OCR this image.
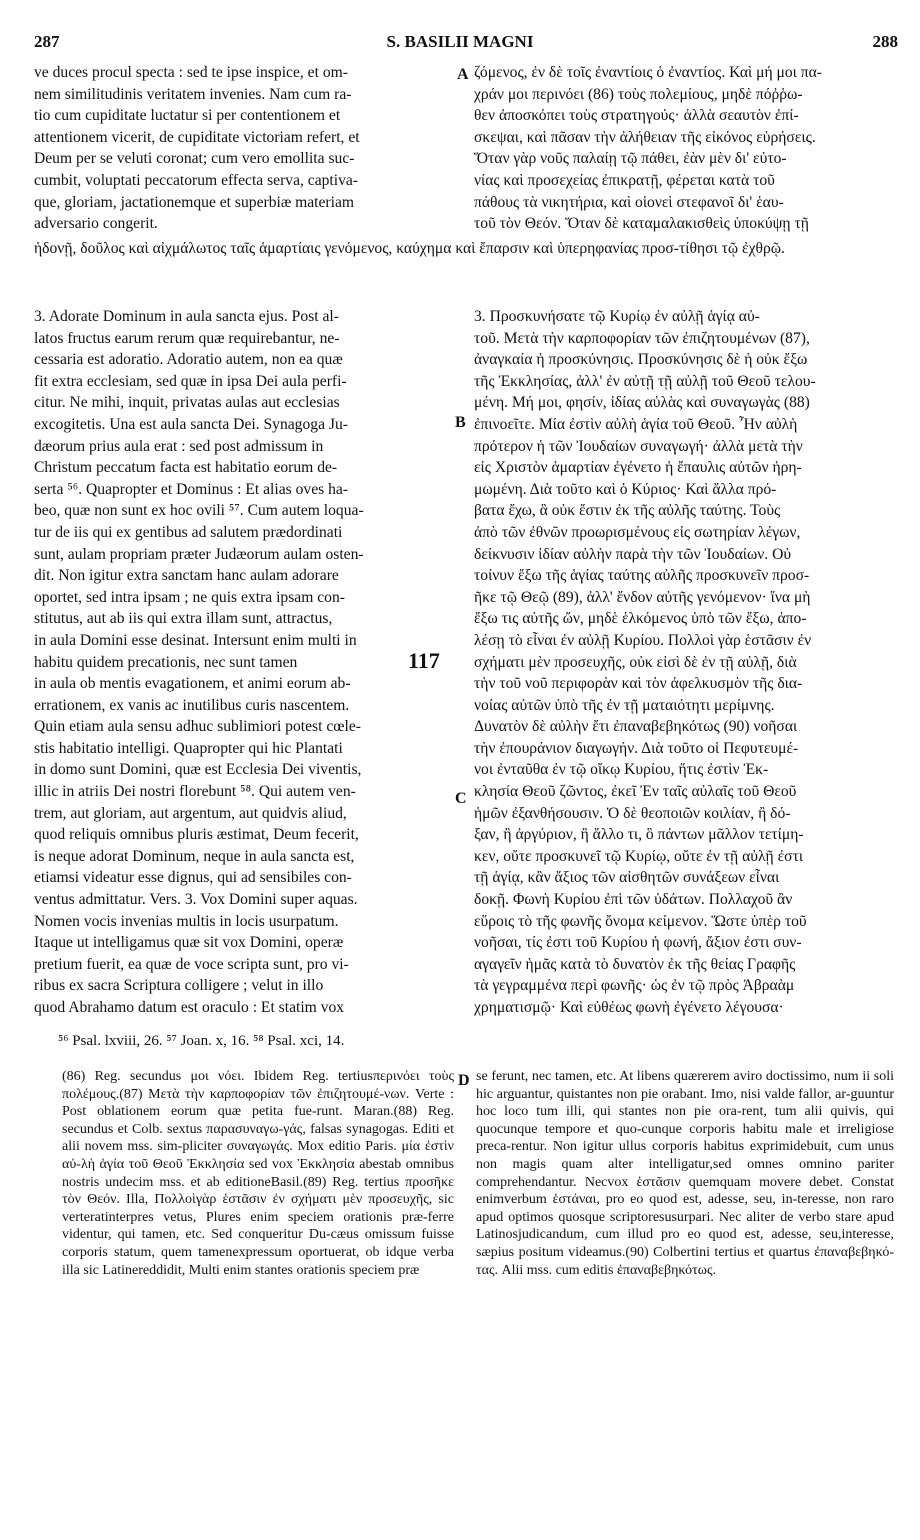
287	S. BASILII MAGNI	288
ve duces procul specta : sed te ipse inspice, et om-
nem similitudinis veritatem invenies. Nam cum ra-
tio cum cupiditate luctatur si per contentionem et
attentionem vicerit, de cupiditate victoriam refert, et
Deum per se veluti coronat; cum vero emollita suc-
cumbit, voluptati peccatorum effecta serva, captiva-
que, gloriam, jactationemque et superbiæ materiam
adversario congerit.
A ζόμενος, ἐν δὲ τοῖς ἐναντίοις ὁ ἐναντίος. Καὶ μή μοι πα-
χράν μοι περινόει (86) τοὺς πολεμίους, μηδὲ πόῤῥω-
θεν ἀποσκόπει τοὺς στρατηγούς· ἀλλὰ σεαυτὸν ἐπί-
σκεψαι, καὶ πᾶσαν τὴν ἀλήθειαν τῆς εἰκόνος εὑρήσεις.
Ὅταν γὰρ νοῦς παλαίῃ τῷ πάθει, ἐὰν μὲν δι' εὐτο-
νίας καὶ προσεχείας ἐπικρατῇ, φέρεται κατὰ τοῦ
πάθους τὰ νικητήρια, καὶ οἱονεὶ στεφανοῖ δι' ἑαυ-
τοῦ τὸν Θεόν. Ὅταν δὲ καταμαλακισθεὶς ὑποκύψῃ τῇ
ἡδονῇ, δοῦλος καὶ αἰχμάλωτος ταῖς ἁμαρτίαις γενόμενος, καύχημα καὶ ἔπαρσιν καὶ ὑπερηφανίας προσ-τίθησι τῷ ἐχθρῷ.
3. Adorate Dominum in aula sancta ejus. Post al-
latos fructus earum rerum quæ requirebantur, ne-
cessaria est adoratio. Adoratio autem, non ea quæ
fit extra ecclesiam, sed quæ in ipsa Dei aula perfi-
citur. Ne mihi, inquit, privatas aulas aut ecclesias
excogitetis. Una est aula sancta Dei. Synagoga Ju-
dæorum prius aula erat : sed post admissum in
Christum peccatum facta est habitatio eorum de-
serta ⁵⁶. Quapropter et Dominus : Et alias oves ha-
beo, quæ non sunt ex hoc ovili ⁵⁷. Cum autem loqua-
tur de iis qui ex gentibus ad salutem prædordinati
sunt, aulam propriam præter Judæorum aulam osten-
dit. Non igitur extra sanctam hanc aulam adorare
oportet, sed intra ipsam ; ne quis extra ipsam con-
stitutus, aut ab iis qui extra illam sunt, attractus,
in aula Domini esse desinat. Intersunt enim multi in
habitu quidem precationis, nec sunt tamen
in aula ob mentis evagationem, et animi eorum ab-
errationem, ex vanis ac inutilibus curis nascentem.
Quin etiam aula sensu adhuc sublimiori potest cœle-
stis habitatio intelligi. Quapropter qui hic Plantati
in domo sunt Domini, quæ est Ecclesia Dei viventis,
illic in atriis Dei nostri florebunt ⁵⁸. Qui autem ven-
trem, aut gloriam, aut argentum, aut quidvis aliud,
quod reliquis omnibus pluris æstimat, Deum fecerit,
is neque adorat Dominum, neque in aula sancta est,
etiamsi videatur esse dignus, qui ad sensibiles con-
ventus admittatur. Vers. 3. Vox Domini super aquas.
Nomen vocis invenias multis in locis usurpatum.
Itaque ut intelligamus quæ sit vox Domini, operæ
pretium fuerit, ea quæ de voce scripta sunt, pro vi-
ribus ex sacra Scriptura colligere ; velut in illo
quod Abrahamo datum est oraculo : Et statim vox
B
C
117
3. Προσκυνήσατε τῷ Κυρίῳ ἐν αὐλῇ ἁγίᾳ αὐ-
τοῦ. Μετὰ τὴν καρποφορίαν τῶν ἐπιζητουμένων (87),
ἀναγκαία ἡ προσκύνησις. Προσκύνησις δὲ ἡ οὐκ ἔξω
τῆς Ἐκκλησίας, ἀλλ' ἐν αὐτῇ τῇ αὐλῇ τοῦ Θεοῦ τελου-
μένη. Μή μοι, φησίν, ἰδίας αὐλὰς καὶ συναγωγὰς (88)
ἐπινοεῖτε. Μία ἐστὶν αὐλὴ ἁγία τοῦ Θεοῦ. Ἦν αὐλὴ
πρότερον ἡ τῶν Ἰουδαίων συναγωγή· ἀλλὰ μετὰ τὴν
εἰς Χριστὸν ἁμαρτίαν ἐγένετο ἡ ἔπαυλις αὐτῶν ἠρη-
μωμένη. Διὰ τοῦτο καὶ ὁ Κύριος· Καὶ ἄλλα πρό-
βατα ἔχω, ἃ οὐκ ἔστιν ἐκ τῆς αὐλῆς ταύτης. Τοὺς
ἀπὸ τῶν ἐθνῶν προωρισμένους εἰς σωτηρίαν λέγων,
δείκνυσιν ἰδίαν αὐλὴν παρὰ τὴν τῶν Ἰουδαίων. Οὐ
τοίνυν ἔξω τῆς ἁγίας ταύτης αὐλῆς προσκυνεῖν προσ-
ῆκε τῷ Θεῷ (89), ἀλλ' ἔνδον αὐτῆς γενόμενον· ἵνα μὴ
ἔξω τις αὐτῆς ὤν, μηδὲ ἑλκόμενος ὑπὸ τῶν ἔξω, ἀπο-
λέσῃ τὸ εἶναι ἐν αὐλῇ Κυρίου. Πολλοὶ γὰρ ἑστᾶσιν ἐν
σχήματι μὲν προσευχῆς, οὐκ εἰσὶ δὲ ἐν τῇ αὐλῇ, διὰ
τὴν τοῦ νοῦ περιφορὰν καὶ τὸν ἀφελκυσμὸν τῆς δια-
νοίας αὐτῶν ὑπὸ τῆς ἐν τῇ ματαιότητι μερίμνης.
Δυνατὸν δὲ αὐλὴν ἔτι ἐπαναβεβηκότως (90) νοῆσαι
τὴν ἐπουράνιον διαγωγήν. Διὰ τοῦτο οἱ Πεφυτευμέ-
νοι ἐνταῦθα ἐν τῷ οἴκῳ Κυρίου, ἥτις ἐστὶν Ἐκ-
κλησία Θεοῦ ζῶντος, ἐκεῖ Ἐν ταῖς αὐλαῖς τοῦ Θεοῦ
ἡμῶν ἐξανθήσουσιν. Ὁ δὲ θεοποιῶν κοιλίαν, ἢ δό-
ξαν, ἢ ἀργύριον, ἢ ἄλλο τι, ὃ πάντων μᾶλλον τετίμη-
κεν, οὔτε προσκυνεῖ τῷ Κυρίῳ, οὔτε ἐν τῇ αὐλῇ ἐστι
τῇ ἁγίᾳ, κἂν ἄξιος τῶν αἰσθητῶν συνάξεων εἶναι
δοκῇ. Φωνὴ Κυρίου ἐπὶ τῶν ὑδάτων. Πολλαχοῦ ἂν
εὕροις τὸ τῆς φωνῆς ὄνομα κείμενον. Ὥστε ὑπὲρ τοῦ
νοῆσαι, τίς ἐστι τοῦ Κυρίου ἡ φωνή, ἄξιον ἐστι συν-
αγαγεῖν ἡμᾶς κατὰ τὸ δυνατὸν ἐκ τῆς θείας Γραφῆς
τὰ γεγραμμένα περὶ φωνῆς· ὡς ἐν τῷ πρὸς Ἀβραὰμ
χρηματισμῷ· Καὶ εὐθέως φωνὴ ἐγένετο λέγουσα·
⁵⁶ Psal. lxviii, 26. ⁵⁷ Joan. x, 16. ⁵⁸ Psal. xci, 14.
(86) Reg. secundus μοι νόει. Ibidem Reg. tertiusπερινόει τοὺς πολέμους.(87) Μετὰ τὴν καρποφορίαν τῶν ἐπιζητουμέ-νων. Verte : Post oblationem eorum quæ petita fue-runt. Maran.(88) Reg. secundus et Colb. sextus παρασυναγω-γάς, falsas synagogas. Editi et alii novem mss. sim-pliciter συναγωγάς. Mox editio Paris. μία ἐστὶν αὐ-λὴ ἁγία τοῦ Θεοῦ Ἐκκλησία sed vox Ἐκκλησία abestab omnibus nostris undecim mss. et ab editioneBasil.(89) Reg. tertius προσῆκε τὸν Θεόν. Illa, Πολλοὶγὰρ ἑστᾶσιν ἐν σχήματι μὲν προσευχῆς, sic verteratinterpres vetus, Plures enim speciem orationis præ-ferre videntur, qui tamen, etc. Sed conqueritur Du-cæus omissum fuisse corporis statum, quem tamenexpressum oportuerat, ob idque verba illa sic Latinereddidit, Multi enim stantes orationis speciem præ
D se ferunt, nec tamen, etc. At libens quærerem aviro doctissimo, num ii soli hic arguantur, quistantes non pie orabant. Imo, nisi valde fallor, ar-guuntur hoc loco tum illi, qui stantes non pie ora-rent, tum alii quivis, qui quocunque tempore et quo-cunque corporis habitu male et irreligiose preca-rentur. Non igitur ullus corporis habitus exprimidebuit, cum unus non magis quam alter intelligatur,sed omnes omnino pariter comprehendantur. Necvox ἑστᾶσιν quemquam movere debet. Constat enimverbum ἑστάναι, pro eo quod est, adesse, seu, in-teresse, non raro apud optimos quosque scriptoresusurpari. Nec aliter de verbo stare apud Latinosjudicandum, cum illud pro eo quod est, adesse, seu,interesse, sæpius positum videamus.(90) Colbertini tertius et quartus ἐπαναβεβηκό-τας. Alii mss. cum editis ἐπαναβεβηκότως.
